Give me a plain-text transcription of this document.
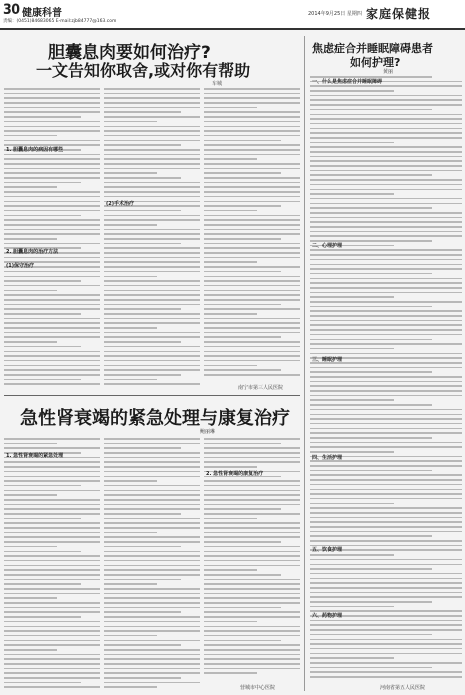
30 健康科普
责编：(0451)84683065 E-mail:zjb84777@163.com
2014年9月25日 星期四 家庭保健报
胆囊息肉要如何治疗?
一文告知你取舍,或对你有帮助
车城
1. 胆囊息肉的病因有哪些
2. 胆囊息肉的治疗方法
(1)保守治疗
(2)手术治疗
南宁市第三人民医院
急性肾衰竭的紧急处理与康复治疗
鲍丽琳
1. 急性肾衰竭的紧急处理
2. 急性肾衰竭的康复治疗
营城市中心医院
焦虑症合并睡眠障碍患者
如何护理?
黄丽
一、什么是焦虑症合并睡眠障碍
二、心理护理
三、睡眠护理
四、生活护理
五、饮食护理
六、药物护理
河南省第五人民医院
